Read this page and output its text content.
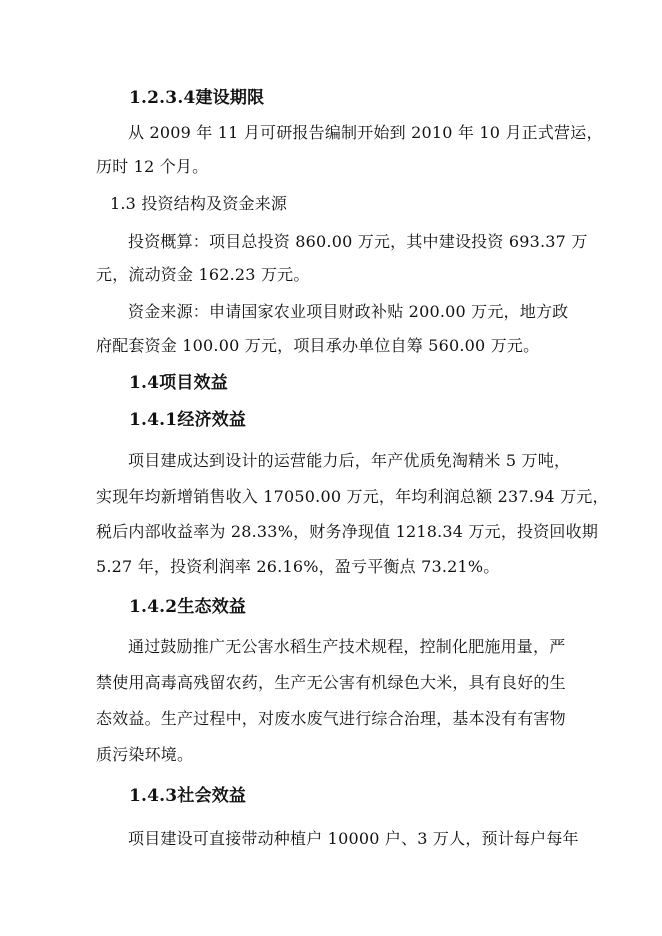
1.2.3.4建设期限
从 2009 年 11 月可研报告编制开始到 2010 年 10 月正式营运，
历时 12 个月。
1.3 投资结构及资金来源
投资概算：项目总投资 860.00 万元，其中建设投资 693.37 万
元，流动资金 162.23 万元。
资金来源：申请国家农业项目财政补贴 200.00 万元，地方政
府配套资金 100.00 万元，项目承办单位自筹 560.00 万元。
1.4项目效益
1.4.1经济效益
项目建成达到设计的运营能力后，年产优质免淘精米 5 万吨，
实现年均新增销售收入 17050.00 万元，年均利润总额 237.94 万元，
税后内部收益率为 28.33%，财务净现值 1218.34 万元，投资回收期
5.27 年，投资利润率 26.16%，盈亏平衡点 73.21%。
1.4.2生态效益
通过鼓励推广无公害水稻生产技术规程，控制化肥施用量，严
禁使用高毒高残留农药，生产无公害有机绿色大米，具有良好的生
态效益。生产过程中，对废水废气进行综合治理，基本没有有害物
质污染环境。
1.4.3社会效益
项目建设可直接带动种植户 10000 户、3 万人，预计每户每年
